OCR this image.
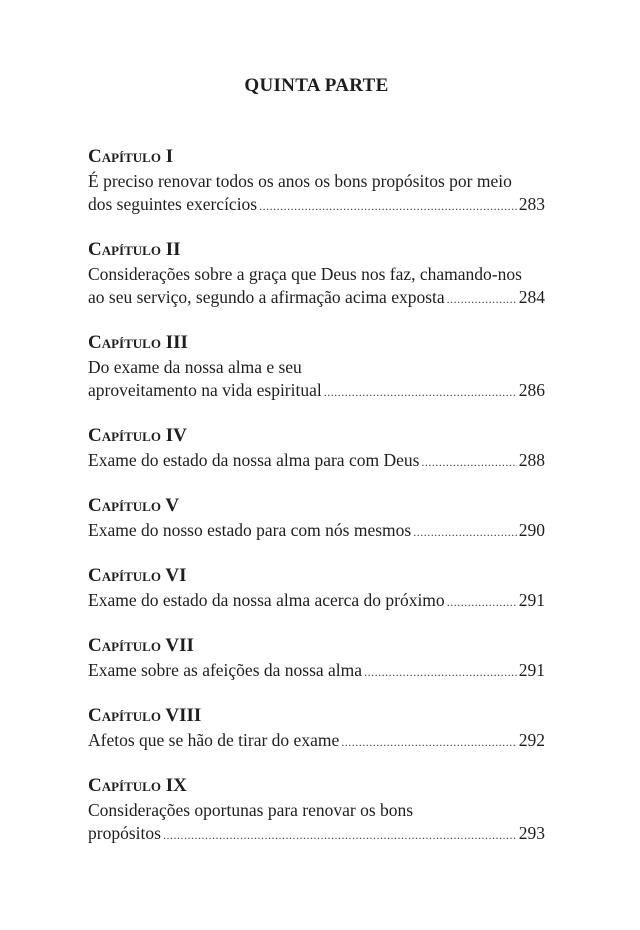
QUINTA PARTE
Capítulo I
É preciso renovar todos os anos os bons propósitos por meio
dos seguintes exercícios .....	283
Capítulo II
Considerações sobre a graça que Deus nos faz, chamando-nos
ao seu serviço, segundo a afirmação acima exposta .....	284
Capítulo III
Do exame da nossa alma e seu
aproveitamento na vida espiritual .....	286
Capítulo IV
Exame do estado da nossa alma para com Deus .....	288
Capítulo V
Exame do nosso estado para com nós mesmos .....	290
Capítulo VI
Exame do estado da nossa alma acerca do próximo .....	291
Capítulo VII
Exame sobre as afeições da nossa alma .....	291
Capítulo VIII
Afetos que se hão de tirar do exame .....	292
Capítulo IX
Considerações oportunas para renovar os bons
propósitos .....	293
